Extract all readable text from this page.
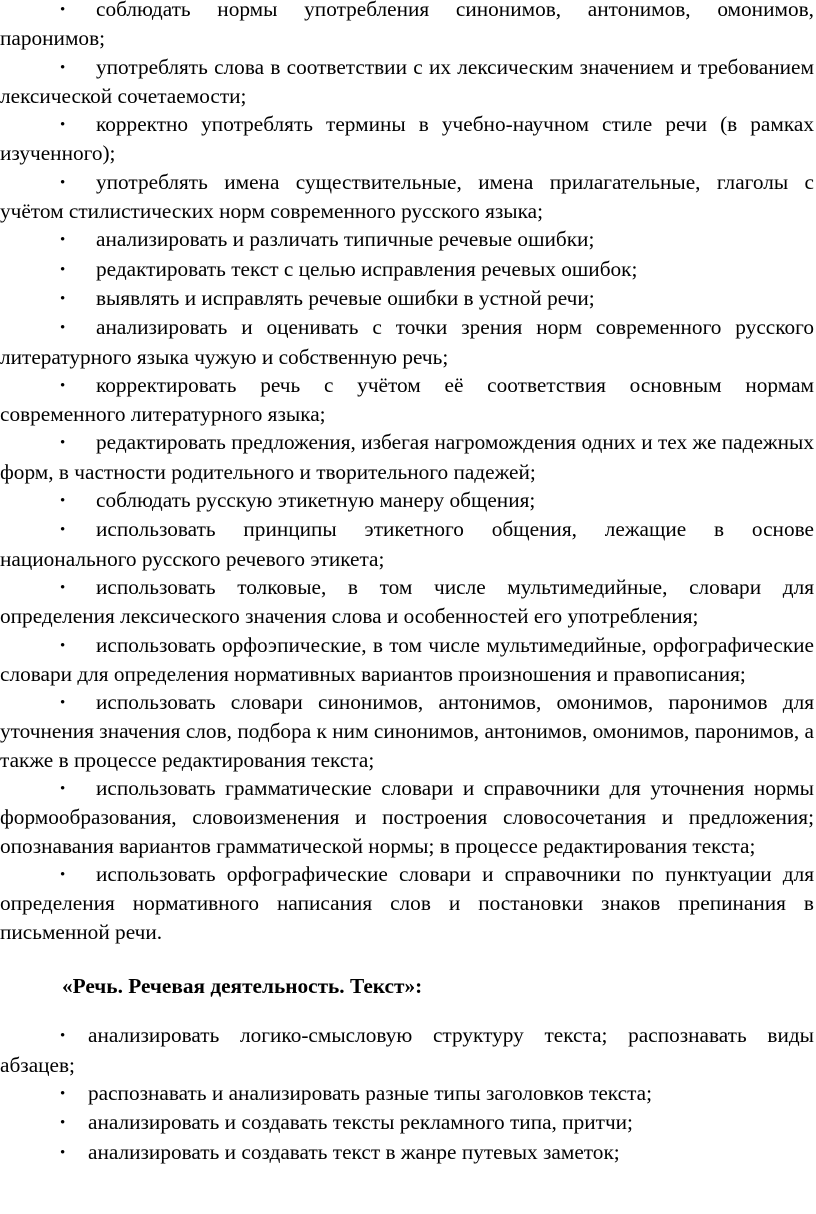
• соблюдать нормы употребления синонимов, антонимов, омонимов, паронимов;

• употреблять слова в соответствии с их лексическим значением и требованием лексической сочетаемости;

• корректно употреблять термины в учебно-научном стиле речи (в рамках изученного);

• употреблять имена существительные, имена прилагательные, глаголы с учётом стилистических норм современного русского языка;

• анализировать и различать типичные речевые ошибки;

• редактировать текст с целью исправления речевых ошибок;

• выявлять и исправлять речевые ошибки в устной речи;

• анализировать и оценивать с точки зрения норм современного русского литературного языка чужую и собственную речь;

• корректировать речь с учётом её соответствия основным нормам современного литературного языка;

• редактировать предложения, избегая нагромождения одних и тех же падежных форм, в частности родительного и творительного падежей;

• соблюдать русскую этикетную манеру общения;

• использовать принципы этикетного общения, лежащие в основе национального русского речевого этикета;

• использовать толковые, в том числе мультимедийные, словари для определения лексического значения слова и особенностей его употребления;

• использовать орфоэпические, в том числе мультимедийные, орфографические словари для определения нормативных вариантов произношения и правописания;

• использовать словари синонимов, антонимов, омонимов, паронимов для уточнения значения слов, подбора к ним синонимов, антонимов, омонимов, паронимов, а также в процессе редактирования текста;

• использовать грамматические словари и справочники для уточнения нормы формообразования, словоизменения и построения словосочетания и предложения; опознавания вариантов грамматической нормы; в процессе редактирования текста;

• использовать орфографические словари и справочники по пунктуации для определения нормативного написания слов и постановки знаков препинания в письменной речи.

«Речь. Речевая деятельность. Текст»:

• анализировать логико-смысловую структуру текста; распознавать виды абзацев;

• распознавать и анализировать разные типы заголовков текста;

• анализировать и создавать тексты рекламного типа, притчи;

• анализировать и создавать текст в жанре путевых заметок;
